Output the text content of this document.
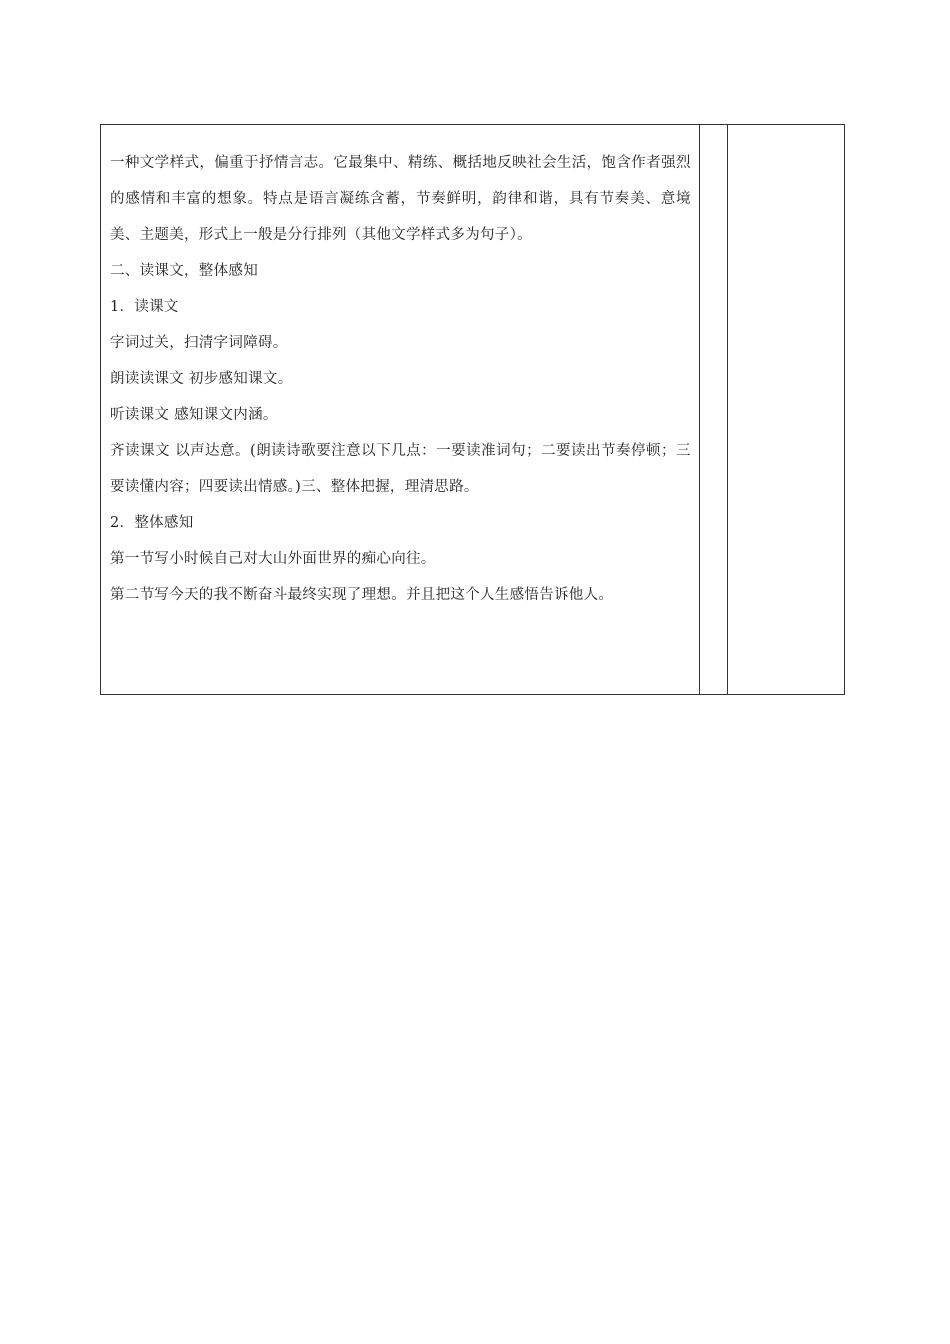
一种文学样式，偏重于抒情言志。它最集中、精练、概括地反映社会生活，饱含作者强烈的感情和丰富的想象。特点是语言凝练含蓄，节奏鲜明，韵律和谐，具有节奏美、意境美、主题美，形式上一般是分行排列（其他文学样式多为句子）。

二、读课文，整体感知

1．读课文

字词过关，扫清字词障碍。

朗读读课文 初步感知课文。

听读课文 感知课文内涵。

齐读课文 以声达意。(朗读诗歌要注意以下几点：一要读准词句；二要读出节奏停顿；三要读懂内容；四要读出情感。)三、整体把握，理清思路。

2．整体感知

第一节写小时候自己对大山外面世界的痴心向往。

第二节写今天的我不断奋斗最终实现了理想。并且把这个人生感悟告诉他人。
